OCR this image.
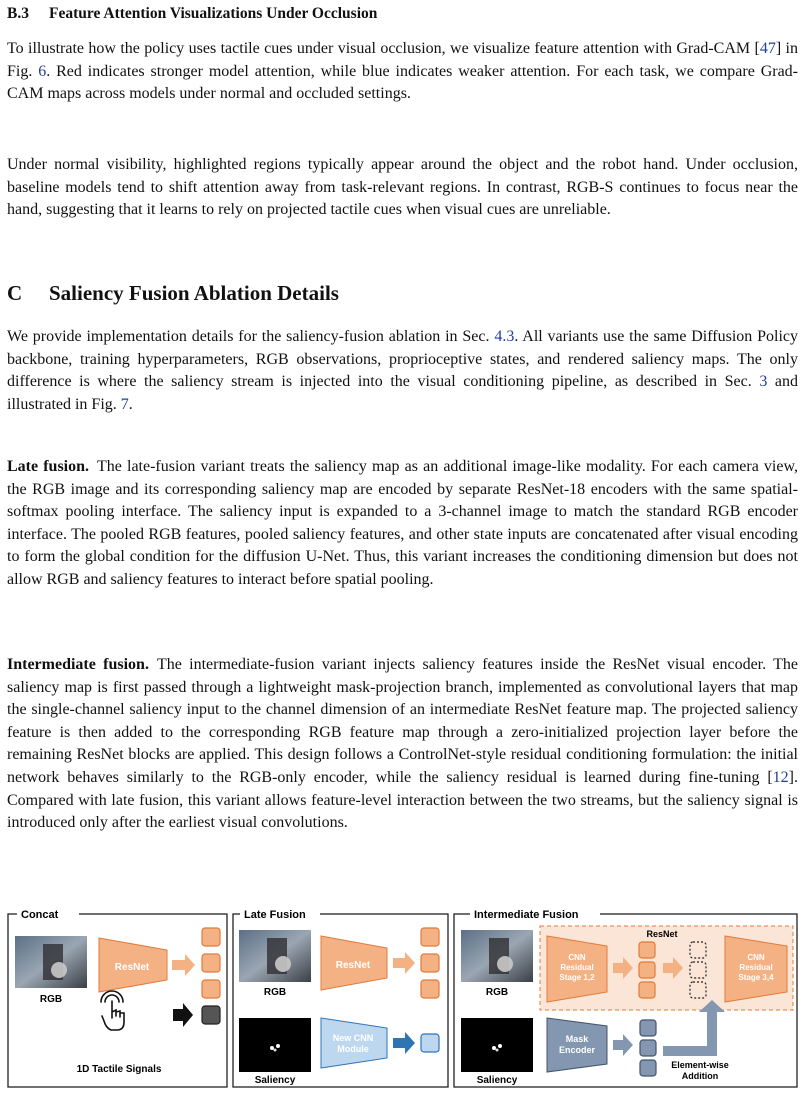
B.3 Feature Attention Visualizations Under Occlusion

To illustrate how the policy uses tactile cues under visual occlusion, we visualize feature attention with Grad-CAM [47] in Fig. 6. Red indicates stronger model attention, while blue indicates weaker attention. For each task, we compare Grad-CAM maps across models under normal and occluded settings.

Under normal visibility, highlighted regions typically appear around the object and the robot hand. Under occlusion, baseline models tend to shift attention away from task-relevant regions. In contrast, RGB-S continues to focus near the hand, suggesting that it learns to rely on projected tactile cues when visual cues are unreliable.

C Saliency Fusion Ablation Details

We provide implementation details for the saliency-fusion ablation in Sec. 4.3. All variants use the same Diffusion Policy backbone, training hyperparameters, RGB observations, proprioceptive states, and rendered saliency maps. The only difference is where the saliency stream is injected into the visual conditioning pipeline, as described in Sec. 3 and illustrated in Fig. 7.

Late fusion. The late-fusion variant treats the saliency map as an additional image-like modality. For each camera view, the RGB image and its corresponding saliency map are encoded by separate ResNet-18 encoders with the same spatial-softmax pooling interface. The saliency input is expanded to a 3-channel image to match the standard RGB encoder interface. The pooled RGB features, pooled saliency features, and other state inputs are concatenated after visual encoding to form the global condition for the diffusion U-Net. Thus, this variant increases the conditioning dimension but does not allow RGB and saliency features to interact before spatial pooling.

Intermediate fusion. The intermediate-fusion variant injects saliency features inside the ResNet visual encoder. The saliency map is first passed through a lightweight mask-projection branch, implemented as convolutional layers that map the single-channel saliency input to the channel dimension of an intermediate ResNet feature map. The projected saliency feature is then added to the corresponding RGB feature map through a zero-initialized projection layer before the remaining ResNet blocks are applied. This design follows a ControlNet-style residual conditioning formulation: the initial network behaves similarly to the RGB-only encoder, while the saliency residual is learned during fine-tuning [12]. Compared with late fusion, this variant allows feature-level interaction between the two streams, but the saliency signal is introduced only after the earliest visual convolutions.

Concat
RGB
ResNet
1D Tactile Signals
Late Fusion
RGB
ResNet
Saliency
New CNN
Module
Intermediate Fusion
ResNet
RGB
CNN
Residual
Stage 1,2
CNN
Residual
Stage 3,4
Saliency
Mask
Encoder
Element-wise
Addition
